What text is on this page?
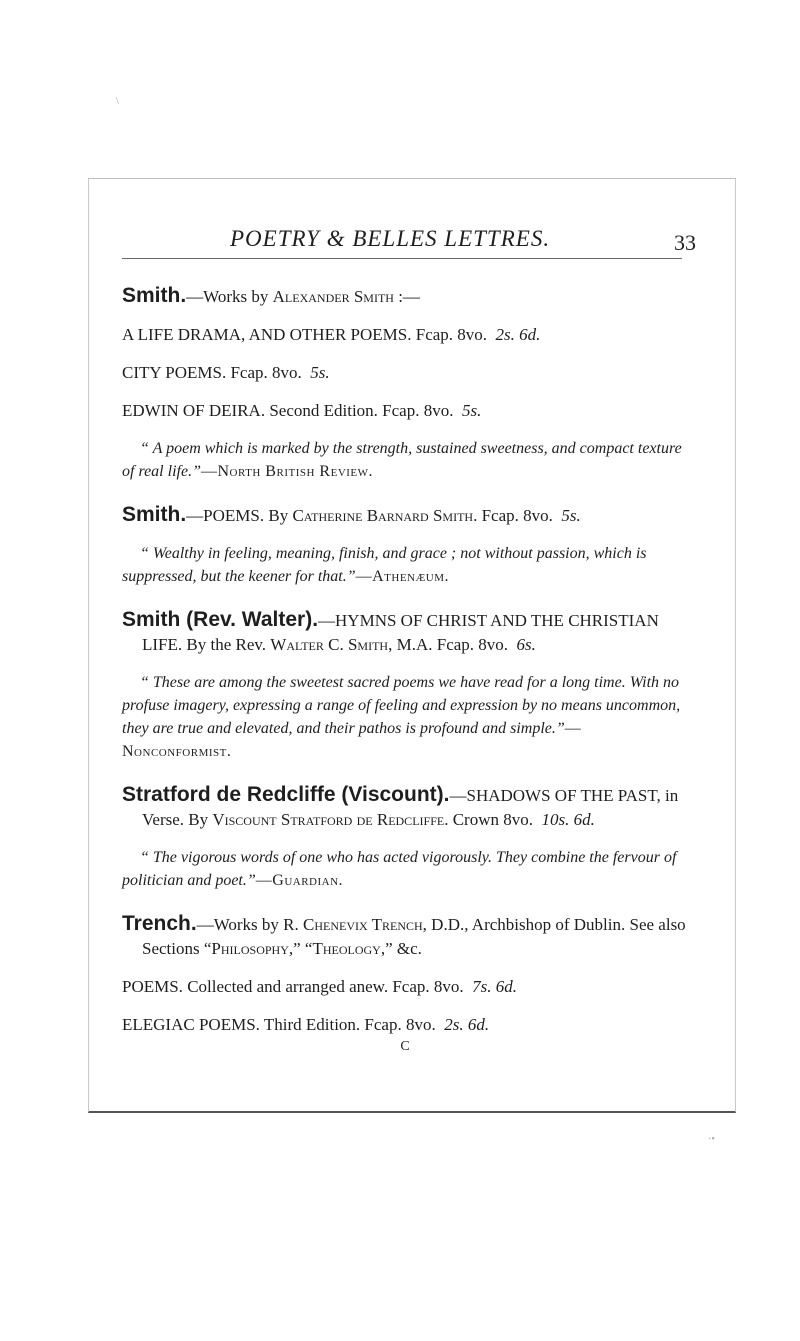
\
POETRY & BELLES LETTRES.	33

Smith.—Works by Alexander Smith :—

A LIFE DRAMA, AND OTHER POEMS. Fcap. 8vo. 2s. 6d.

CITY POEMS. Fcap. 8vo. 5s.

EDWIN OF DEIRA. Second Edition. Fcap. 8vo. 5s.

“ A poem which is marked by the strength, sustained sweetness, and compact texture of real life.”—North British Review.

Smith.—POEMS. By Catherine Barnard Smith. Fcap. 8vo. 5s.

“ Wealthy in feeling, meaning, finish, and grace ; not without passion, which is suppressed, but the keener for that.”—Athenæum.

Smith (Rev. Walter).—HYMNS OF CHRIST AND THE CHRISTIAN LIFE. By the Rev. Walter C. Smith, M.A. Fcap. 8vo. 6s.

“ These are among the sweetest sacred poems we have read for a long time. With no profuse imagery, expressing a range of feeling and expression by no means uncommon, they are true and elevated, and their pathos is profound and simple.”—Nonconformist.

Stratford de Redcliffe (Viscount).—SHADOWS OF THE PAST, in Verse. By Viscount Stratford de Redcliffe. Crown 8vo. 10s. 6d.

“ The vigorous words of one who has acted vigorously. They combine the fervour of politician and poet.”—Guardian.

Trench.—Works by R. Chenevix Trench, D.D., Archbishop of Dublin. See also Sections “Philosophy,” “Theology,” &c.

POEMS. Collected and arranged anew. Fcap. 8vo. 7s. 6d.

ELEGIAC POEMS. Third Edition. Fcap. 8vo. 2s. 6d.

C
·•
